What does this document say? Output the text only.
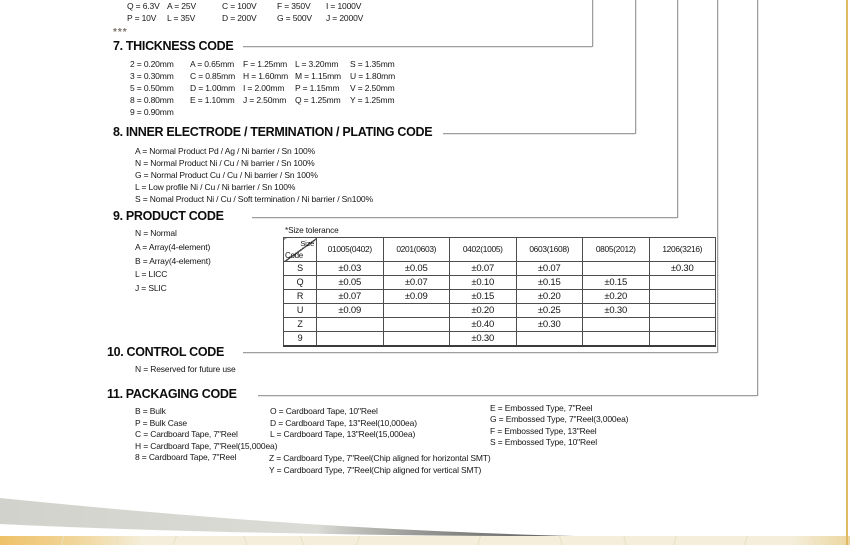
Q = 6.3V A = 25V	C = 100V F = 350V I = 1000V
P = 10V L = 35V	D = 200V G = 500V J = 2000V
***
7. THICKNESS CODE
2 = 0.20mm A = 0.65mm F = 1.25mm L = 3.20mm S = 1.35mm
3 = 0.30mm C = 0.85mm H = 1.60mm M = 1.15mm U = 1.80mm
5 = 0.50mm D = 1.00mm I = 2.00mm P = 1.15mm V = 2.50mm
8 = 0.80mm E = 1.10mm J = 2.50mm Q = 1.25mm Y = 1.25mm
9 = 0.90mm
8. INNER ELECTRODE / TERMINATION / PLATING CODE
A = Normal Product Pd / Ag / Ni barrier / Sn 100%
N = Normal Product Ni / Cu / Ni barrier / Sn 100%
G = Normal Product Cu / Cu / Ni barrier / Sn 100%
L = Low profile Ni / Cu / Ni barrier / Sn 100%
S = Nomal Product Ni / Cu / Soft termination / Ni barrier / Sn100%
9. PRODUCT CODE
N = Normal
A = Array(4-element)
B = Array(4-element)
L = LICC
J = SLIC
*Size tolerance
Size
Code	01005(0402)	0201(0603)	0402(1005)	0603(1608)	0805(2012)	1206(3216)
S	±0.03	±0.05	±0.07	±0.07		±0.30
Q	±0.05	±0.07	±0.10	±0.15	±0.15	
R	±0.07	±0.09	±0.15	±0.20	±0.20	
U	±0.09		±0.20	±0.25	±0.30	
Z			±0.40	±0.30		
9			±0.30			
10. CONTROL CODE
N = Reserved for future use
11. PACKAGING CODE
B = Bulk
P = Bulk Case
C = Cardboard Tape, 7"Reel
H = Cardboard Tape, 7"Reel(15,000ea)
8 = Cardboard Tape, 7"Reel
O = Cardboard Tape, 10"Reel
D = Cardboard Tape, 13"Reel(10,000ea)
L = Cardboard Tape, 13"Reel(15,000ea)
E = Embossed Type, 7"Reel
G = Embossed Type, 7"Reel(3,000ea)
F = Embossed Type, 13"Reel
S = Embossed Type, 10"Reel
Z = Cardboard Type, 7"Reel(Chip aligned for horizontal SMT)
Y = Cardboard Type, 7"Reel(Chip aligned for vertical SMT)
